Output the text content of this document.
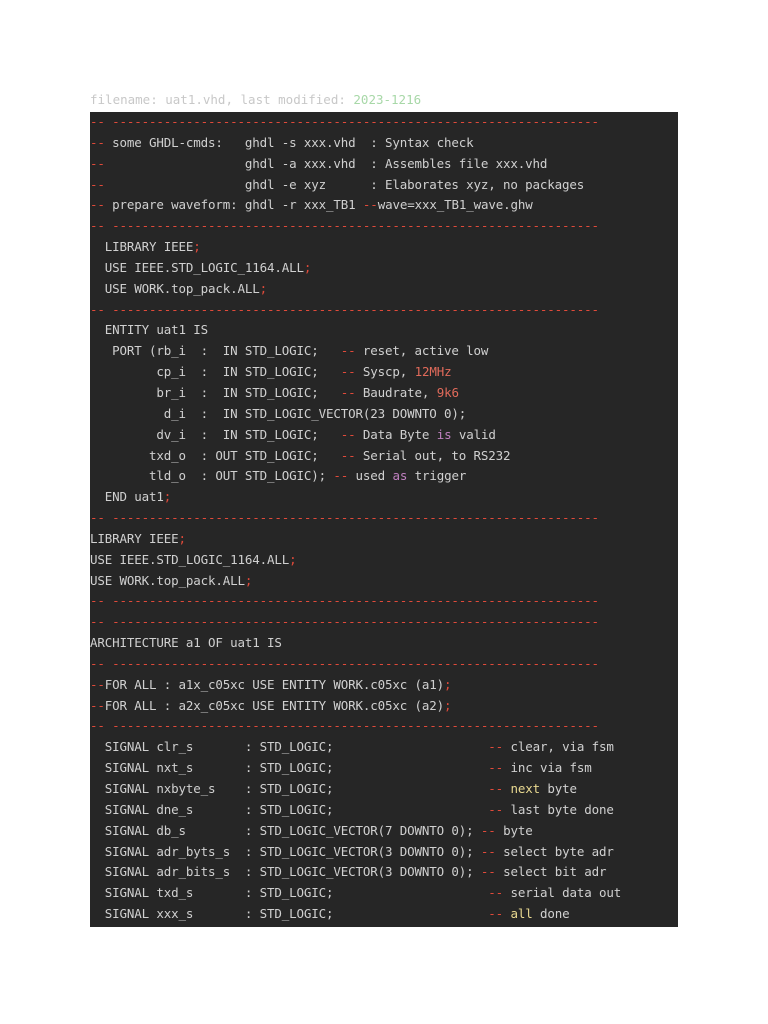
filename: uat1.vhd, last modified: 2023-1216
-- ------------------------------------------------------------------
-- some GHDL-cmds:   ghdl -s xxx.vhd  : Syntax check
--                   ghdl -a xxx.vhd  : Assembles file xxx.vhd
--                   ghdl -e xyz      : Elaborates xyz, no packages
-- prepare waveform: ghdl -r xxx_TB1 --wave=xxx_TB1_wave.ghw
-- ------------------------------------------------------------------
LIBRARY IEEE;
USE IEEE.STD_LOGIC_1164.ALL;
USE WORK.top_pack.ALL;
-- ------------------------------------------------------------------
ENTITY uat1 IS
PORT (rb_i  :  IN STD_LOGIC;   -- reset, active low
cp_i  :  IN STD_LOGIC;   -- Syscp, 12MHz
br_i  :  IN STD_LOGIC;   -- Baudrate, 9k6
d_i  :  IN STD_LOGIC_VECTOR(23 DOWNTO 0);
dv_i  :  IN STD_LOGIC;   -- Data Byte is valid
txd_o  : OUT STD_LOGIC;   -- Serial out, to RS232
tld_o  : OUT STD_LOGIC); -- used as trigger
END uat1;
-- ------------------------------------------------------------------
LIBRARY IEEE;
USE IEEE.STD_LOGIC_1164.ALL;
USE WORK.top_pack.ALL;
-- ------------------------------------------------------------------
-- ------------------------------------------------------------------
ARCHITECTURE a1 OF uat1 IS
-- ------------------------------------------------------------------
--FOR ALL : a1x_c05xc USE ENTITY WORK.c05xc (a1);
--FOR ALL : a2x_c05xc USE ENTITY WORK.c05xc (a2);
-- ------------------------------------------------------------------
SIGNAL clr_s       : STD_LOGIC;                     -- clear, via fsm
SIGNAL nxt_s       : STD_LOGIC;                     -- inc via fsm
SIGNAL nxbyte_s    : STD_LOGIC;                     -- next byte
SIGNAL dne_s       : STD_LOGIC;                     -- last byte done
SIGNAL db_s        : STD_LOGIC_VECTOR(7 DOWNTO 0); -- byte
SIGNAL adr_byts_s  : STD_LOGIC_VECTOR(3 DOWNTO 0); -- select byte adr
SIGNAL adr_bits_s  : STD_LOGIC_VECTOR(3 DOWNTO 0); -- select bit adr
SIGNAL txd_s       : STD_LOGIC;                     -- serial data out
SIGNAL xxx_s       : STD_LOGIC;                     -- all done
